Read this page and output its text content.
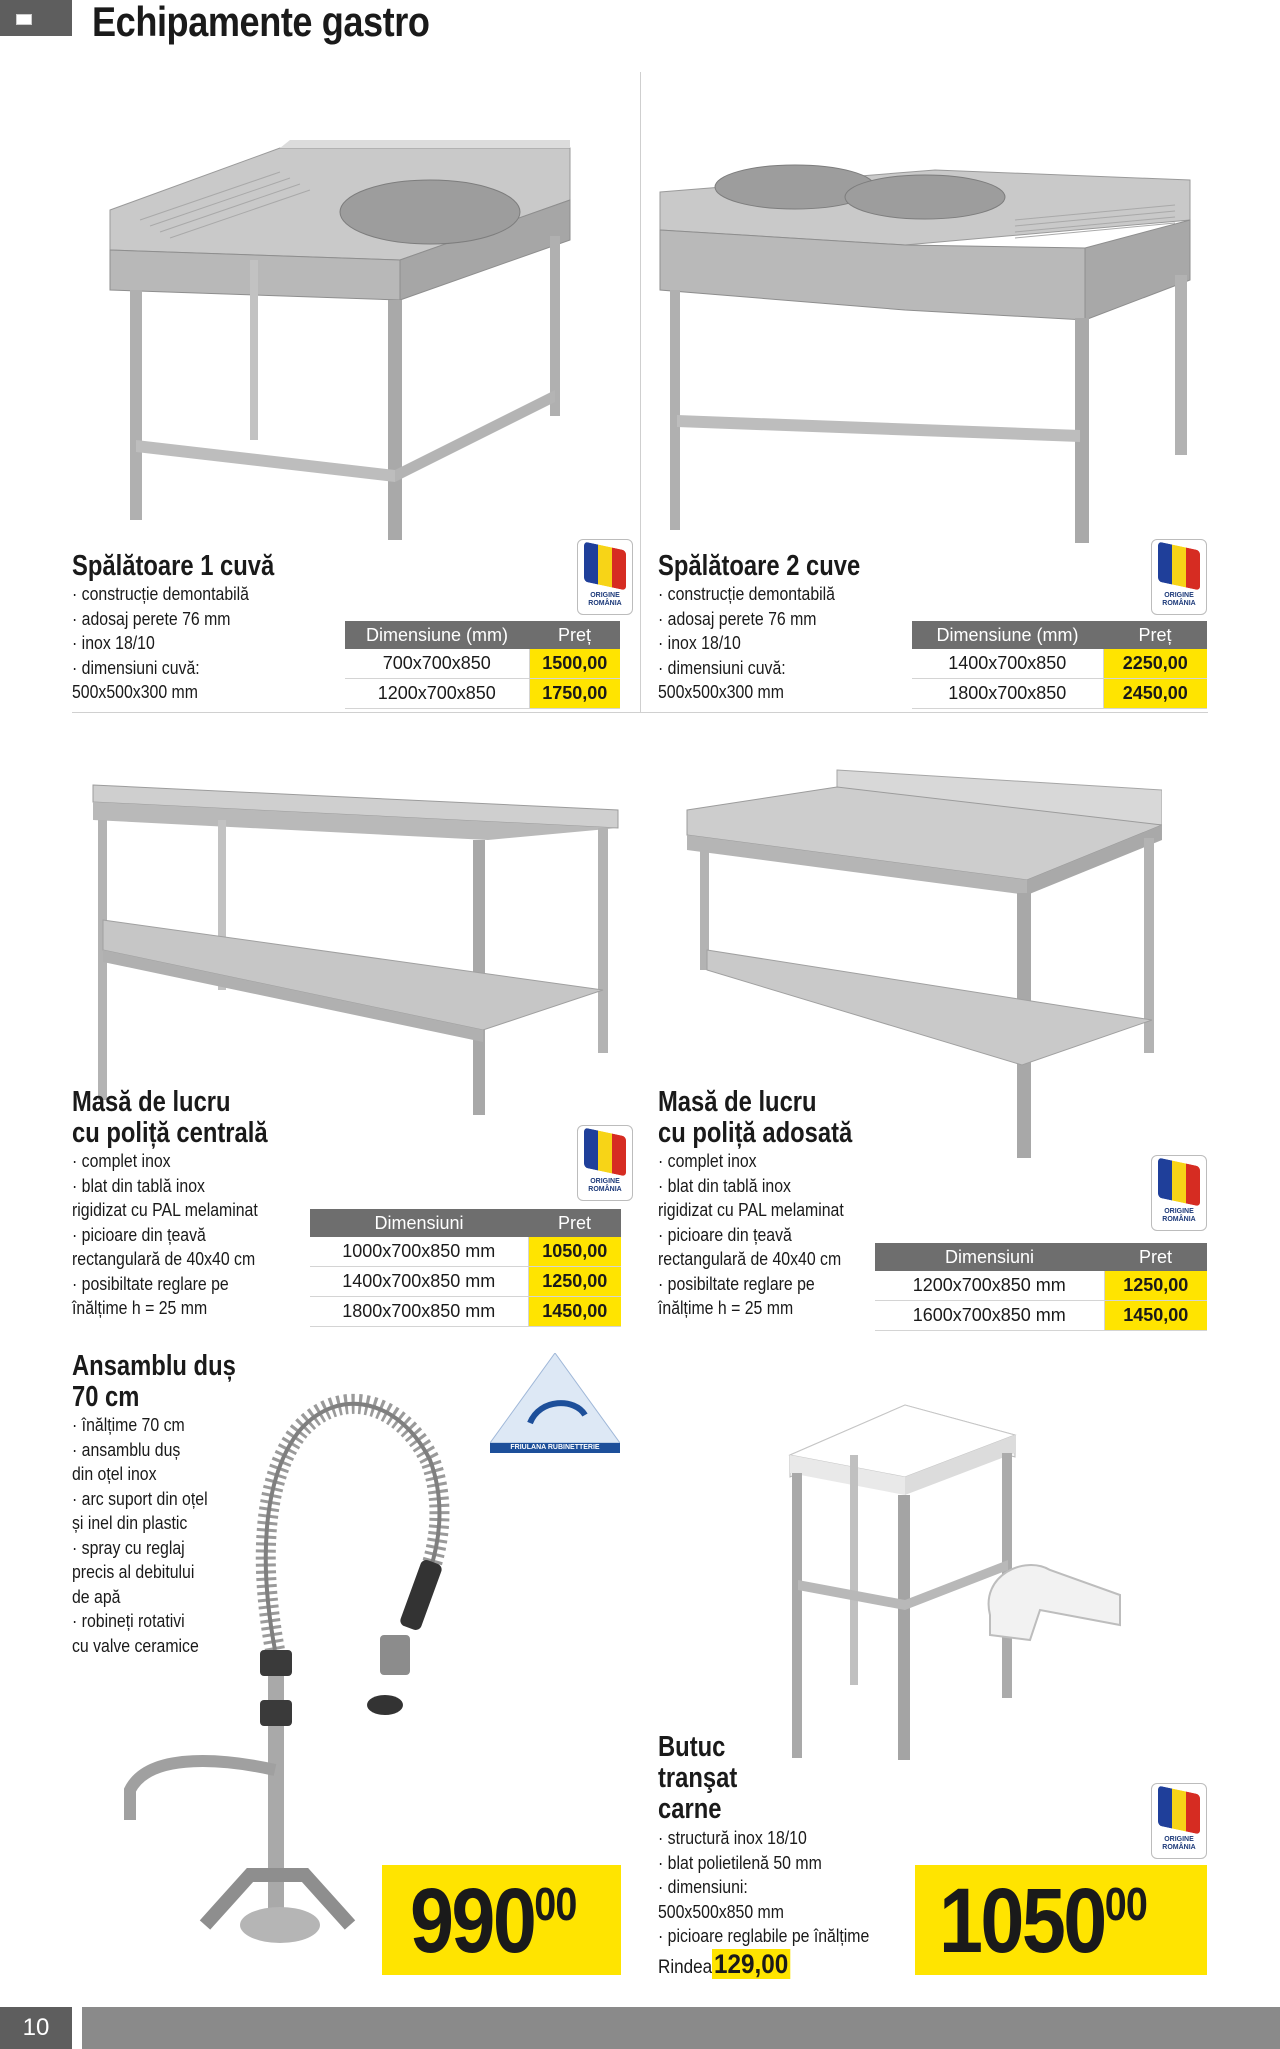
Echipamente gastro
Spălătoare 1 cuvă
· construcție demontabilă
· adosaj perete 76 mm
· inox 18/10
· dimensiuni cuvă:
500x500x300 mm
ORIGINE
ROMÂNIA
Dimensiune (mm)	Preț
700x700x850	1500,00
1200x700x850	1750,00
Spălătoare 2 cuve
· construcție demontabilă
· adosaj perete 76 mm
· inox 18/10
· dimensiuni cuvă:
500x500x300 mm
ORIGINE
ROMÂNIA
Dimensiune (mm)	Preț
1400x700x850	2250,00
1800x700x850	2450,00
Masă de lucru
cu poliță centrală
· complet inox
· blat din tablă inox
rigidizat cu PAL melaminat
· picioare din țeavă
rectangulară de 40x40 cm
· posibiltate reglare pe
înălțime h = 25 mm
ORIGINE
ROMÂNIA
Dimensiuni	Pret
1000x700x850 mm	1050,00
1400x700x850 mm	1250,00
1800x700x850 mm	1450,00
Masă de lucru
cu poliță adosată
· complet inox
· blat din tablă inox
rigidizat cu PAL melaminat
· picioare din țeavă
rectangulară de 40x40 cm
· posibiltate reglare pe
înălțime h = 25 mm
ORIGINE
ROMÂNIA
Dimensiuni	Pret
1200x700x850 mm	1250,00
1600x700x850 mm	1450,00
Ansamblu duș
70 cm
· înălțime 70 cm
· ansamblu duș
din oțel inox
· arc suport din oțel
și inel din plastic
· spray cu reglaj
precis al debitului
de apă
· robineți rotativi
cu valve ceramice
FRIULANA RUBINETTERIE
$990^{00}$
Butuc
tranşat
carne
· structură inox 18/10
· blat polietilenă 50 mm
· dimensiuni:
500x500x850 mm
· picioare reglabile pe înălțime
Rindea129,00
ORIGINE
ROMÂNIA
1050$^{00}$
10
